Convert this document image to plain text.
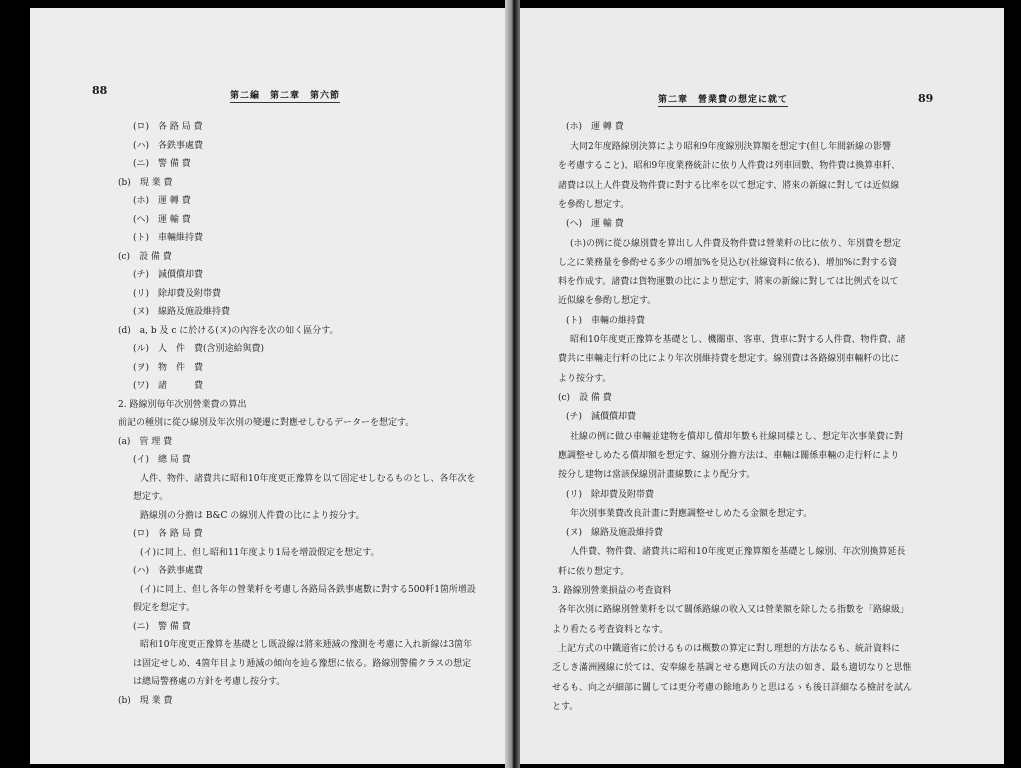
88	第二編　第二章　第六節
(ロ)　各 路 局 費
(ハ)　各鉄事處費
(ニ)　警 備 費
(b)　現 業 費
(ホ)　運 轉 費
(ヘ)　運 輸 費
(ト)　車輛維持費
(c)　設 備 費
(チ)　減價償却費
(リ)　除却費及附帯費
(ヌ)　線路及施設維持費
(d)　a, b 及 c に於ける(ヌ)の內容を次の如く區分す。
(ル)　人　件　費(含別途給與費)
(ヲ)　物　件　費
(ワ)　諸　　　費
2. 路線別毎年次別營業費の算出
前記の種別に從ひ線別及年次別の變遷に對應せしむるデーターを想定す。
(a)　管 理 費
(イ)　總 局 費
人件、物件、諸費共に昭和10年度更正豫算を以て固定せしむるものとし、各年次を
想定す。
路線別の分擔は B&C の線別人件費の比により按分す。
(ロ)　各 路 局 費
(イ)に同上、但し昭和11年度より1局を增設假定を想定す。
(ハ)　各鉄事處費
(イ)に同上、但し各年の營業粁を考慮し各路局各鉄事處數に對する500粁1箇所增設
假定を想定す。
(ニ)　警 備 費
昭和10年度更正豫算を基礎とし既設線は將来逓減の豫測を考慮に入れ新線は3箇年
は固定せしめ、4箇年目より逓減の傾向を辿る豫想に依る。路線別警備クラスの想定
は總局警務處の方針を考慮し按分す。
(b)　現 業 費
第二章　營業費の想定に就て	89
(ホ)　運 轉 費
大同2年度路線別決算により昭和9年度線別決算額を想定す(但し年間新線の影響
を考慮すること)、昭和9年度業務統計に依り人件費は列車回數、物件費は換算車粁、
諸費は以上人件費及物件費に對する比率を以て想定す、將來の新線に對しては近似線
を參酌し想定す。
(ヘ)　運 輸 費
(ホ)の例に從ひ線別費を算出し人件費及物件費は營業粁の比に依り、年別費を想定
し之に業務量を參酌せる多少の增加%を見込む(社線資料に依る)、增加%に對する資
料を作成す。諸費は貨物運數の比により想定す、將來の新線に對しては比例式を以て
近似線を參酌し想定す。
(ト)　車輛の維持費
昭和10年度更正豫算を基礎とし、機關車、客車、貨車に對する人件費、物件費、諸
費共に車輛走行粁の比により年次別維持費を想定す。線別費は各路線別車輛粁の比に
より按分す。
(c)　設 備 費
(チ)　減價償却費
社線の例に做ひ車輛並建物を償却し償却年數も社線同樣とし、想定年次事業費に對
應調整せしめたる償却額を想定す、線別分擔方法は、車輛は關係車輛の走行粁により
按分し建物は當該保線別計畫線數により配分す。
(リ)　除却費及附帯費
年次別事業費改良計畫に對應調整せしめたる金額を想定す。
(ヌ)　線路及施設維持費
人件費、物件費、諸費共に昭和10年度更正豫算額を基礎とし線別、年次別換算延長
粁に依り想定す。
3. 路線別營業損益の考査資料
各年次別に路線別營業粁を以て關係路線の收入又は營業額を除したる指數を「路線級」
より看たる考査資料となす。
上記方式の中鐵道省に於けるものは概數の算定に對し理想的方法なるも、統計資料に
乏しき滿洲國線に於ては、安奉線を基調とせる應岡氏の方法の如き、最も適切なりと思惟
せるも、向之が細部に關しては更分考慮の餘地ありと思はるゝも後日詳細なる檢討を試ん
とす。
